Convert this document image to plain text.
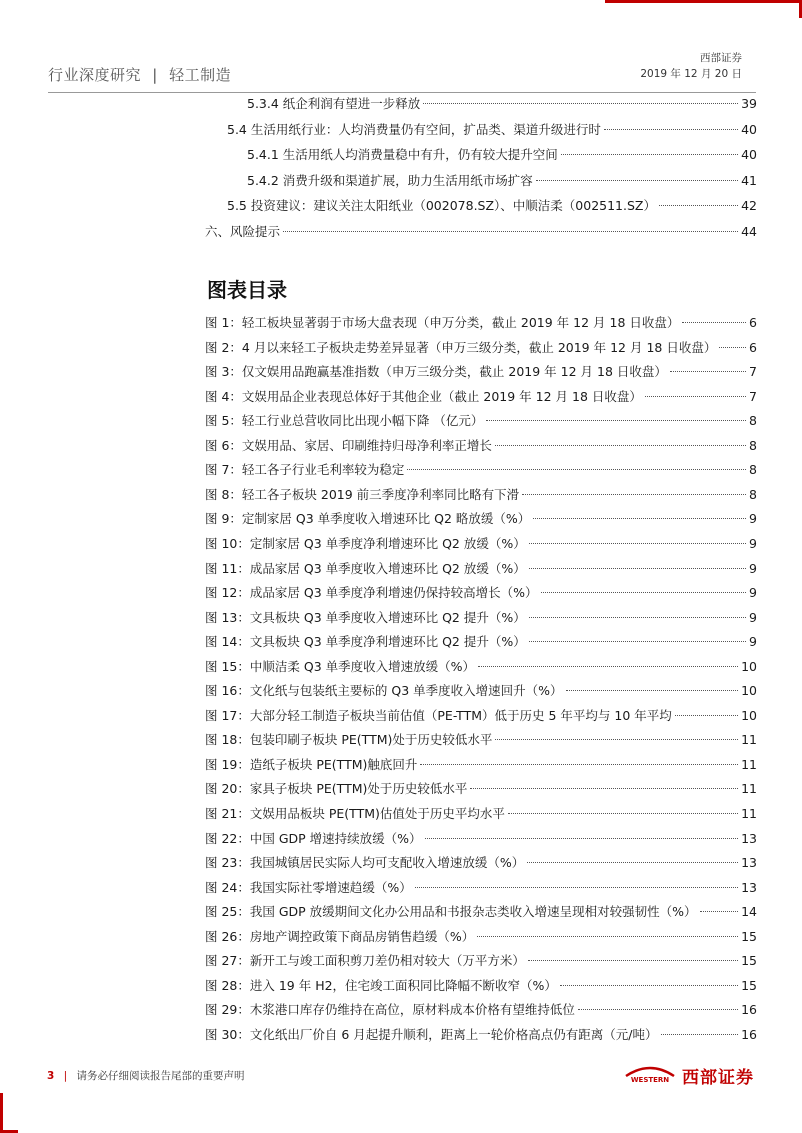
行业深度研究 | 轻工制造
西部证券
2019 年 12 月 20 日
5.3.4 纸企利润有望进一步释放	39
5.4 生活用纸行业：人均消费量仍有空间，扩品类、渠道升级进行时	40
5.4.1 生活用纸人均消费量稳中有升，仍有较大提升空间	40
5.4.2 消费升级和渠道扩展，助力生活用纸市场扩容	41
5.5 投资建议：建议关注太阳纸业（002078.SZ）、中顺洁柔（002511.SZ）	42
六、风险提示	44
图表目录
图 1：轻工板块显著弱于市场大盘表现（申万分类，截止 2019 年 12 月 18 日收盘）	6
图 2：4 月以来轻工子板块走势差异显著（申万三级分类，截止 2019 年 12 月 18 日收盘）	6
图 3：仅文娱用品跑赢基准指数（申万三级分类，截止 2019 年 12 月 18 日收盘）	7
图 4：文娱用品企业表现总体好于其他企业（截止 2019 年 12 月 18 日收盘）	7
图 5：轻工行业总营收同比出现小幅下降 （亿元）	8
图 6：文娱用品、家居、印刷维持归母净利率正增长	8
图 7：轻工各子行业毛利率较为稳定	8
图 8：轻工各子板块 2019 前三季度净利率同比略有下滑	8
图 9：定制家居 Q3 单季度收入增速环比 Q2 略放缓（%）	9
图 10：定制家居 Q3 单季度净利增速环比 Q2 放缓（%）	9
图 11：成品家居 Q3 单季度收入增速环比 Q2 放缓（%）	9
图 12：成品家居 Q3 单季度净利增速仍保持较高增长（%）	9
图 13：文具板块 Q3 单季度收入增速环比 Q2 提升（%）	9
图 14：文具板块 Q3 单季度净利增速环比 Q2 提升（%）	9
图 15：中顺洁柔 Q3 单季度收入增速放缓（%）	10
图 16：文化纸与包装纸主要标的 Q3 单季度收入增速回升（%）	10
图 17：大部分轻工制造子板块当前估值（PE-TTM）低于历史 5 年平均与 10 年平均	10
图 18：包装印刷子板块 PE(TTM)处于历史较低水平	11
图 19：造纸子板块 PE(TTM)触底回升	11
图 20：家具子板块 PE(TTM)处于历史较低水平	11
图 21：文娱用品板块 PE(TTM)估值处于历史平均水平	11
图 22：中国 GDP 增速持续放缓（%）	13
图 23：我国城镇居民实际人均可支配收入增速放缓（%）	13
图 24：我国实际社零增速趋缓（%）	13
图 25：我国 GDP 放缓期间文化办公用品和书报杂志类收入增速呈现相对较强韧性（%）	14
图 26：房地产调控政策下商品房销售趋缓（%）	15
图 27：新开工与竣工面积剪刀差仍相对较大（万平方米）	15
图 28：进入 19 年 H2，住宅竣工面积同比降幅不断收窄（%）	15
图 29：木浆港口库存仍维持在高位，原材料成本价格有望维持低位	16
图 30：文化纸出厂价自 6 月起提升顺利，距离上一轮价格高点仍有距离（元/吨）	16
3 | 请务必仔细阅读报告尾部的重要声明	WESTERN 西部证券
